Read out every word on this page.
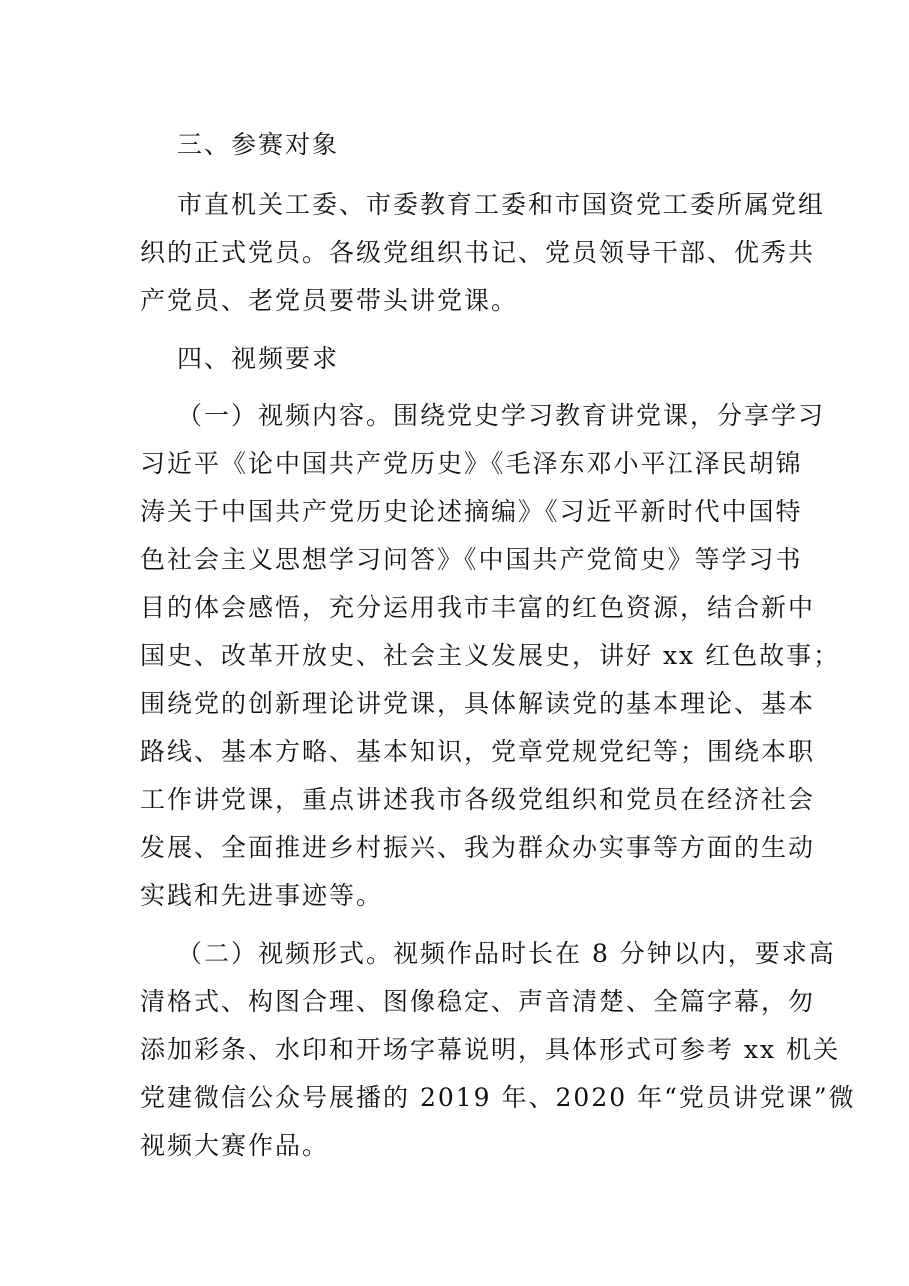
三、参赛对象
市直机关工委、市委教育工委和市国资党工委所属党组
织的正式党员。各级党组织书记、党员领导干部、优秀共
产党员、老党员要带头讲党课。
四、视频要求
（一）视频内容。围绕党史学习教育讲党课，分享学习
习近平《论中国共产党历史》《毛泽东邓小平江泽民胡锦
涛关于中国共产党历史论述摘编》《习近平新时代中国特
色社会主义思想学习问答》《中国共产党简史》等学习书
目的体会感悟，充分运用我市丰富的红色资源，结合新中
国史、改革开放史、社会主义发展史，讲好 xx 红色故事；
围绕党的创新理论讲党课，具体解读党的基本理论、基本
路线、基本方略、基本知识，党章党规党纪等；围绕本职
工作讲党课，重点讲述我市各级党组织和党员在经济社会
发展、全面推进乡村振兴、我为群众办实事等方面的生动
实践和先进事迹等。
（二）视频形式。视频作品时长在 8 分钟以内，要求高
清格式、构图合理、图像稳定、声音清楚、全篇字幕，勿
添加彩条、水印和开场字幕说明，具体形式可参考 xx 机关
党建微信公众号展播的 2019 年、2020 年“党员讲党课”微
视频大赛作品。
